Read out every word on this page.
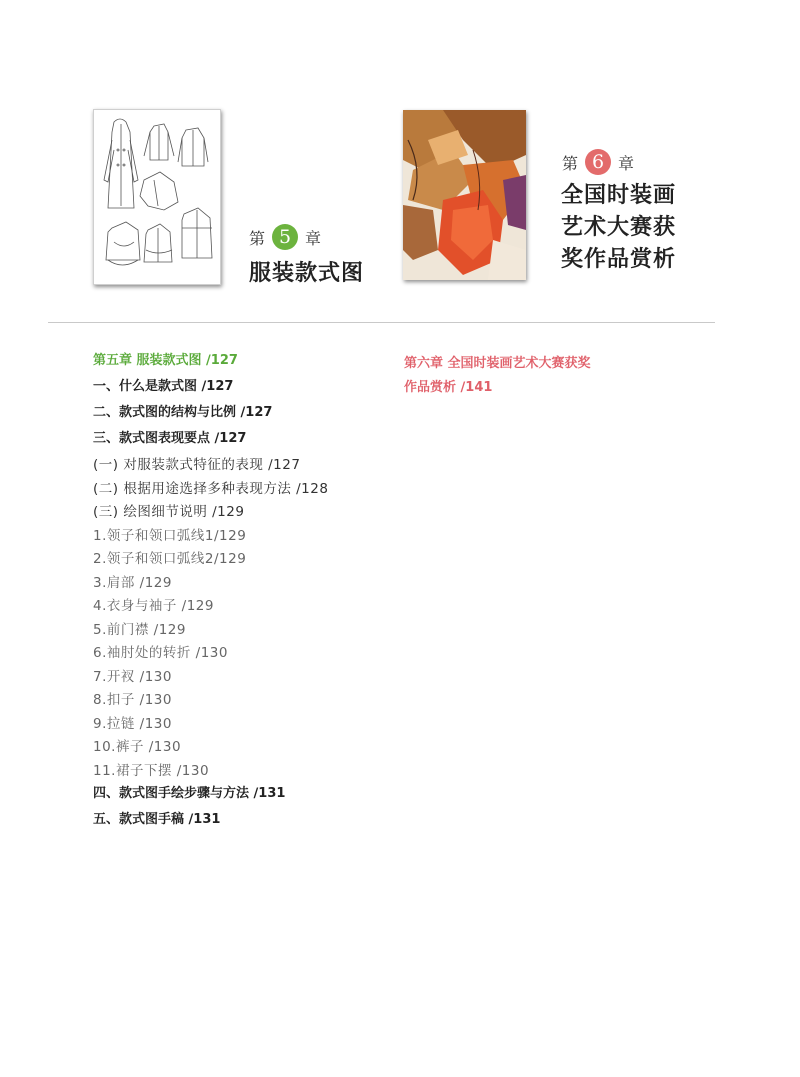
第 5 章
服装款式图
第 6 章
全国时装画
艺术大赛获
奖作品赏析
第五章 服装款式图 ∕127
一、什么是款式图 ∕127
二、款式图的结构与比例 ∕127
三、款式图表现要点 ∕127
(一) 对服装款式特征的表现 ∕127
(二) 根据用途选择多种表现方法 ∕128
(三) 绘图细节说明 ∕129
1.领子和领口弧线1∕129
2.领子和领口弧线2∕129
3.肩部 ∕129
4.衣身与袖子 ∕129
5.前门襟 ∕129
6.袖肘处的转折 ∕130
7.开衩 ∕130
8.扣子 ∕130
9.拉链 ∕130
10.裤子 ∕130
11.裙子下摆 ∕130
四、款式图手绘步骤与方法 ∕131
五、款式图手稿 ∕131
第六章 全国时装画艺术大赛获奖
作品赏析 ∕141
